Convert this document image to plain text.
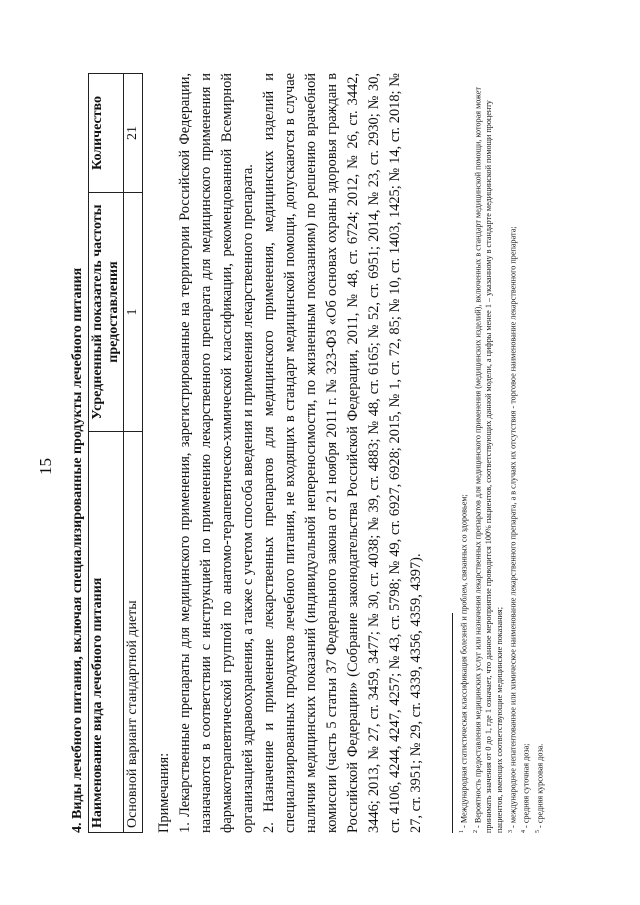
15 4. Виды лечебного питания, включая специализированные продукты лечебного питания Наименование вида лечебного питания	Усредненный показатель частоты предоставления	Количество
Основной вариант стандартной диеты	1	21

Примечания: 1. Лекарственные препараты для медицинского применения, зарегистрированные на территории Российской Федерации, назначаются в соответствии с инструкцией по применению лекарственного препарата для медицинского применения и фармакотерапевтической группой по анатомо-терапевтическо-химической классификации, рекомендованной Всемирной организацией здравоохранения, а также с учетом способа введения и применения лекарственного препарата. 2. Назначение и применение лекарственных препаратов для медицинского применения, медицинских изделий и специализированных продуктов лечебного питания, не входящих в стандарт медицинской помощи, допускаются в случае наличия медицинских показаний (индивидуальной непереносимости, по жизненным показаниям) по решению врачебной комиссии (часть 5 статьи 37 Федерального закона от 21 ноября 2011 г. № 323-ФЗ «Об основах охраны здоровья граждан в Российской Федерации» (Собрание законодательства Российской Федерации, 2011, № 48, ст. 6724; 2012, № 26, ст. 3442, 3446; 2013, № 27, ст. 3459, 3477; № 30, ст. 4038; № 39, ст. 4883; № 48, ст. 6165; № 52, ст. 6951; 2014, № 23, ст. 2930; № 30, ст. 4106, 4244, 4247, 4257; № 43, ст. 5798; № 49, ст. 6927, 6928; 2015, № 1, ст. 72, 85; № 10, ст. 1403, 1425; № 14, ст. 2018; № 27, ст. 3951; № 29, ст. 4339, 4356, 4359, 4397).	$^1$ - Международная статистическая классификация болезней и проблем, связанных со здоровьем;

$^2$ - Вероятность предоставления медицинских услуг или назначения лекарственных препаратов для медицинского применения (медицинских изделий), включенных в стандарт медицинской помощи, которая может принимать значения от 0 до 1, где 1 означает, что данное мероприятие проводится 100% пациентов, соответствующих данной модели, а цифры менее 1 – указанному в стандарте медицинской помощи проценту пациентов, имеющих соответствующие медицинские показания; $^3$ - международное непатентованное или химическое наименование лекарственного препарата, а в случаях их отсутствия - торговое наименование лекарственного препарата;

$^4$ - средняя суточная доза;

$^5$ - средняя курсовая доза.
